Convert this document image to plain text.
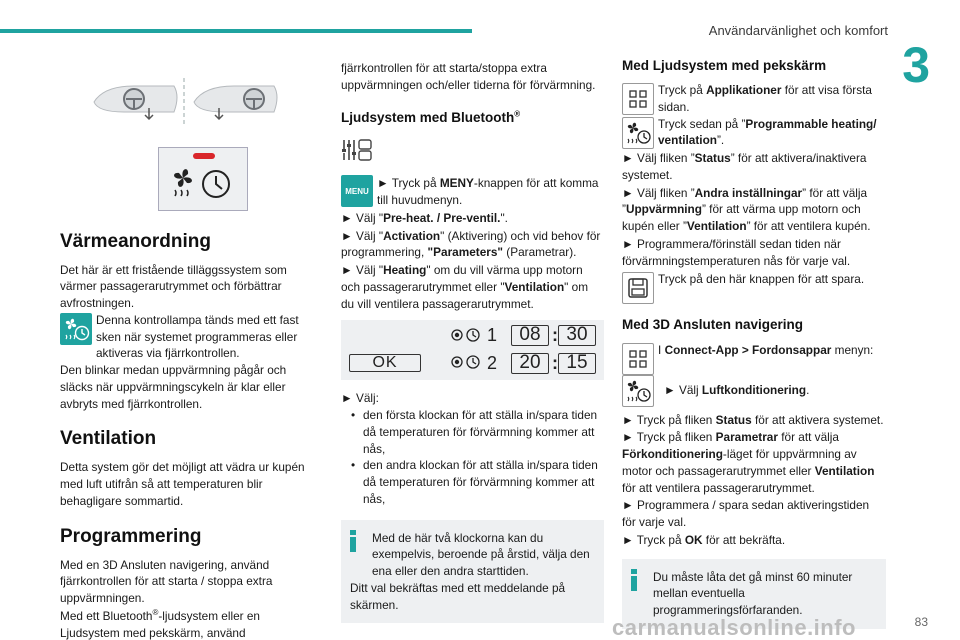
Användarvänlighet och komfort
3
83
Värmeanordning

Det här är ett fristående tilläggssystem som värmer passagerarutrymmet och förbättrar avfrostningen.

Denna kontrollampa tänds med ett fast sken när systemet programmeras eller aktiveras via fjärrkontrollen.

Den blinkar medan uppvärmning pågår och släcks när uppvärmningscykeln är klar eller avbryts med fjärrkontrollen.

Ventilation

Detta system gör det möjligt att vädra ur kupén med luft utifrån så att temperaturen blir behagligare sommartid.

Programmering

Med en 3D Ansluten navigering, använd fjärrkontrollen för att starta / stoppa extra uppvärmningen.

Med ett Bluetooth®-ljudsystem eller en Ljudsystem med pekskärm, använd

fjärrkontrollen för att starta/stoppa extra uppvärmningen och/eller tiderna för förvärmning.

Ljudsystem med Bluetooth®
MENU

► Tryck på MENY-knappen för att komma till huvudmenyn.

► Välj "Pre-heat. / Pre-ventil.".

► Välj "Activation" (Aktivering) och vid behov för programmering, "Parameters" (Parametrar).

► Välj "Heating" om du vill värma upp motorn och passagerarutrymmet eller "Ventilation" om du vill ventilera passagerarutrymmet.

OK
1	08 : 30
2	20 : 15

► Välj:

• den första klockan för att ställa in/spara tiden då temperaturen för förvärmning kommer att nås,
• den andra klockan för att ställa in/spara tiden då temperaturen för förvärmning kommer att nås,

Med de här två klockorna kan du exempelvis, beroende på årstid, välja den ena eller den andra starttiden.

Ditt val bekräftas med ett meddelande på skärmen.

Med Ljudsystem med pekskärm

Tryck på Applikationer för att visa första sidan.

Tryck sedan på ”Programmable heating/ ventilation”.

► Välj fliken ”Status” för att aktivera/inaktivera systemet.

► Välj fliken ”Andra inställningar” för att välja ”Uppvärmning” för att värma upp motorn och kupén eller ”Ventilation” för att ventilera kupén.

► Programmera/förinställ sedan tiden när förvärmningstemperaturen nås för varje val.

Tryck på den här knappen för att spara.

Med 3D Ansluten navigering

I Connect-App > Fordonsappar menyn:

► Välj Luftkonditionering.

► Tryck på fliken Status för att aktivera systemet.

► Tryck på fliken Parametrar för att välja Förkonditionering-läget för uppvärmning av motor och passagerarutrymmet eller Ventilation för att ventilera passagerarutrymmet.

► Programmera / spara sedan aktiveringstiden för varje val.

► Tryck på OK för att bekräfta.

Du måste låta det gå minst 60 minuter mellan eventuella programmeringsförfaranden.

carmanualsonline.info
